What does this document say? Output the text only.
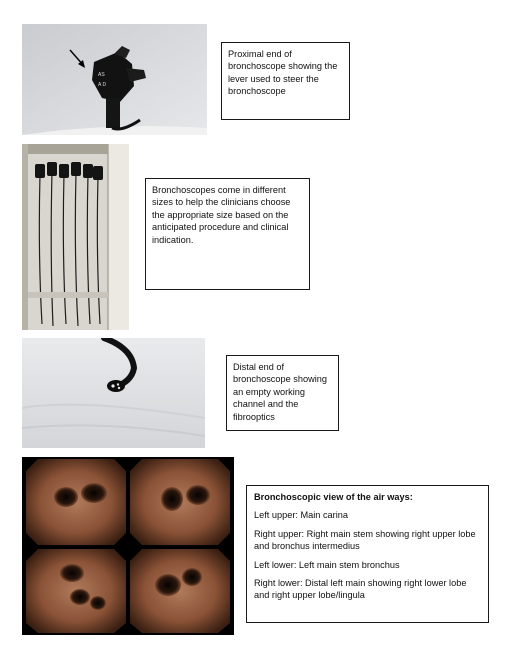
AS
A D

Proximal end of bronchoscope showing the lever used to steer the bronchoscope

Bronchoscopes come in different sizes to help the clinicians choose the appropriate size based on the anticipated procedure and clinical indication.

Distal end of bronchoscope showing an empty working channel and the fibrooptics

Bronchoscopic view of the air ways:

Left upper: Main carina

Right upper: Right main stem showing right upper lobe and bronchus intermedius

Left lower: Left main stem bronchus

Right lower: Distal left main showing right lower lobe and right upper lobe/lingula
